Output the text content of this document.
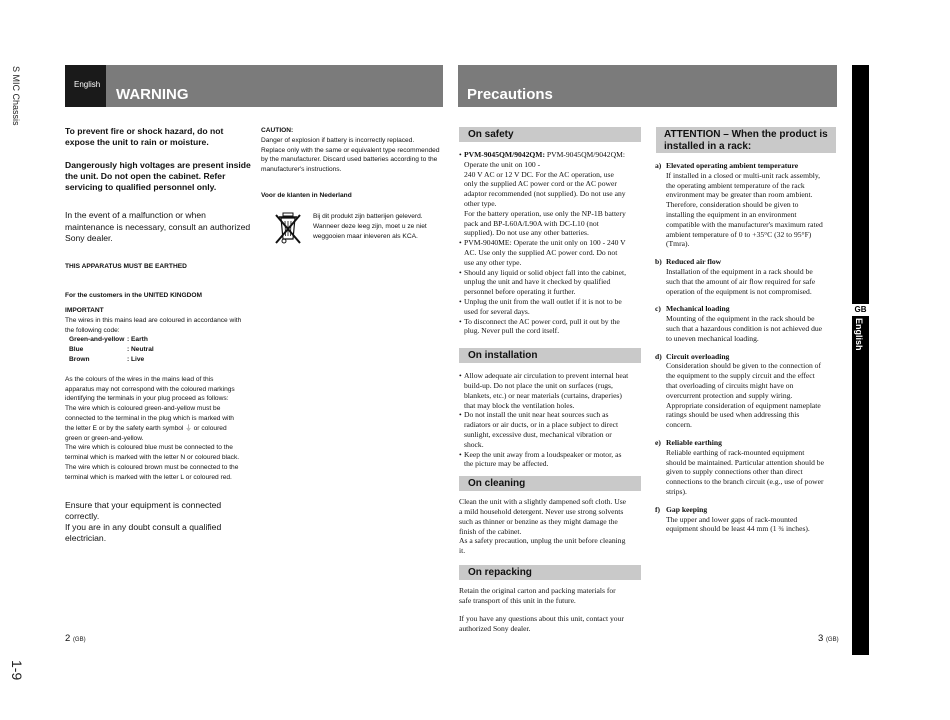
S MIC Chassis
1-9
English
WARNING	Precautions
GB
English
To prevent fire or shock hazard, do not
expose the unit to rain or moisture.
Dangerously high voltages are present inside
the unit. Do not open the cabinet. Refer
servicing to qualified personnel only.
In the event of a malfunction or when
maintenance is necessary, consult an authorized
Sony dealer.
THIS APPARATUS MUST BE EARTHED
For the customers in the UNITED KINGDOM
IMPORTANT
The wires in this mains lead are coloured in accordance with
the following code:
Green-and-yellow : Earth
Blue	: Neutral
Brown	: Live
As the colours of the wires in the mains lead of this
apparatus may not correspond with the coloured markings
identifying the terminals in your plug proceed as follows:
The wire which is coloured green-and-yellow must be
connected to the terminal in the plug which is marked with
the letter E or by the safety earth symbol ⏚ or coloured
green or green-and-yellow.
The wire which is coloured blue must be connected to the
terminal which is marked with the letter N or coloured black.
The wire which is coloured brown must be connected to the
terminal which is marked with the letter L or coloured red.
Ensure that your equipment is connected
correctly.
If you are in any doubt consult a qualified
electrician.
CAUTION:
Danger of explosion if battery is incorrectly replaced.
Replace only with the same or equivalent type recommended
by the manufacturer. Discard used batteries according to the
manufacturer's instructions.
Voor de klanten in Nederland
Bij dit produkt zijn batterijen geleverd.
Wanneer deze leeg zijn, moet u ze niet
weggooien maar inleveren als KCA.
2 (GB)
On safety
• PVM-9045QM/9042QM: PVM-9045QM/9042QM: Operate the unit on 100 -
240 V AC or 12 V DC. For the AC operation, use
only the supplied AC power cord or the AC power
adaptor recommended (not supplied). Do not use any
other type.
For the battery operation, use only the NP-1B battery
pack and BP-L60A/L90A with DC-L10 (not
supplied). Do not use any other batteries.
• PVM-9040ME: Operate the unit only on 100 - 240 V
AC. Use only the supplied AC power cord. Do not
use any other type.
• Should any liquid or solid object fall into the cabinet,
unplug the unit and have it checked by qualified
personnel before operating it further.
• Unplug the unit from the wall outlet if it is not to be
used for several days.
• To disconnect the AC power cord, pull it out by the
plug. Never pull the cord itself.
On installation
• Allow adequate air circulation to prevent internal heat
build-up. Do not place the unit on surfaces (rugs,
blankets, etc.) or near materials (curtains, draperies)
that may block the ventilation holes.
• Do not install the unit near heat sources such as
radiators or air ducts, or in a place subject to direct
sunlight, excessive dust, mechanical vibration or
shock.
• Keep the unit away from a loudspeaker or motor, as
the picture may be affected.
On cleaning
Clean the unit with a slightly dampened soft cloth. Use
a mild household detergent. Never use strong solvents
such as thinner or benzine as they might damage the
finish of the cabinet.
As a safety precaution, unplug the unit before cleaning
it.
On repacking
Retain the original carton and packing materials for
safe transport of this unit in the future.
If you have any questions about this unit, contact your
authorized Sony dealer.
ATTENTION – When the product is
installed in a rack:
a) Elevated operating ambient temperature
If installed in a closed or multi-unit rack assembly,
the operating ambient temperature of the rack
environment may be greater than room ambient.
Therefore, consideration should be given to
installing the equipment in an environment
compatible with the manufacturer's maximum rated
ambient temperature of 0 to +35°C (32 to 95°F)
(Tmra).
b) Reduced air flow
Installation of the equipment in a rack should be
such that the amount of air flow required for safe
operation of the equipment is not compromised.
c) Mechanical loading
Mounting of the equipment in the rack should be
such that a hazardous condition is not achieved due
to uneven mechanical loading.
d) Circuit overloading
Consideration should be given to the connection of
the equipment to the supply circuit and the effect
that overloading of circuits might have on
overcurrent protection and supply wiring.
Appropriate consideration of equipment nameplate
ratings should be used when addressing this
concern.
e) Reliable earthing
Reliable earthing of rack-mounted equipment
should be maintained. Particular attention should be
given to supply connections other than direct
connections to the branch circuit (e.g., use of power
strips).
f) Gap keeping
The upper and lower gaps of rack-mounted
equipment should be least 44 mm (1 ¾ inches).
3 (GB)
